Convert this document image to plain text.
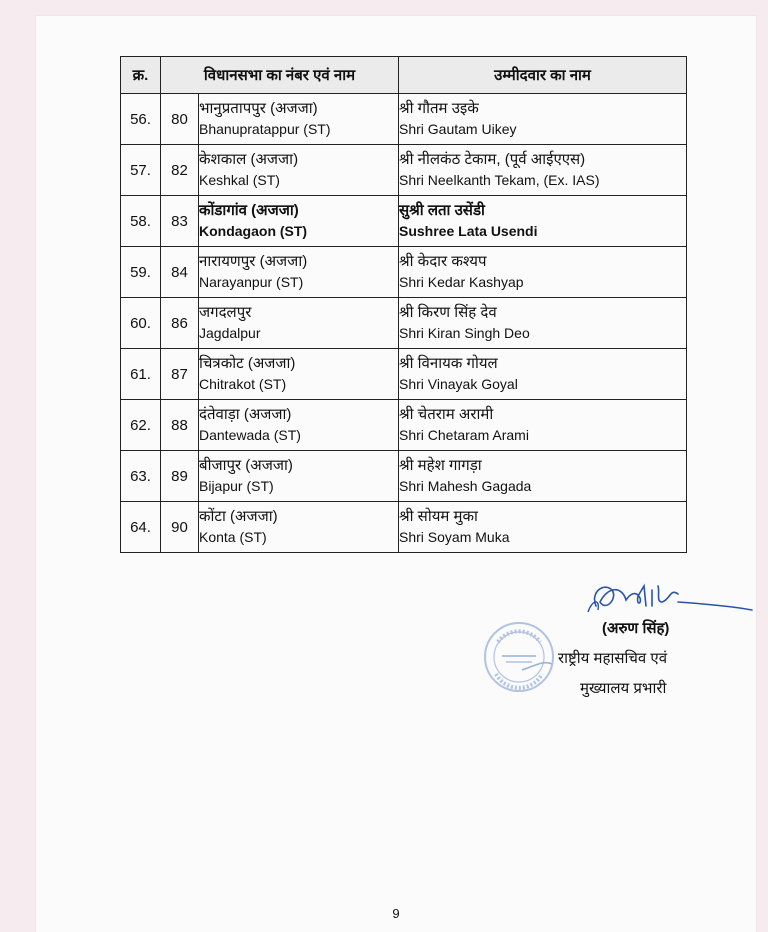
क्र.	विधानसभा का नंबर एवं नाम		उम्मीदवार का नाम
56.	80	भानुप्रतापपुर (अजजा)
Bhanupratappur (ST)	श्री गौतम उइके
Shri Gautam Uikey

57.	82	केशकाल (अजजा)
Keshkal (ST)	श्री नीलकंठ टेकाम, (पूर्व आईएएस)
Shri Neelkanth Tekam, (Ex. IAS)

58.	83	कोंडागांव (अजजा)
Kondagaon (ST)	सुश्री लता उसेंडी
Sushree Lata Usendi

59.	84	नारायणपुर (अजजा)
Narayanpur (ST)	श्री केदार कश्यप
Shri Kedar Kashyap

60.	86	जगदलपुर
Jagdalpur	श्री किरण सिंह देव
Shri Kiran Singh Deo

61.	87	चित्रकोट (अजजा)
Chitrakot (ST)	श्री विनायक गोयल
Shri Vinayak Goyal

62.	88	दंतेवाड़ा (अजजा)
Dantewada (ST)	श्री चेतराम अरामी
Shri Chetaram Arami

63.	89	बीजापुर (अजजा)
Bijapur (ST)	श्री महेश गागड़ा
Shri Mahesh Gagada

64.	90	कोंटा (अजजा)
Konta (ST)	श्री सोयम मुका
Shri Soyam Muka
(अरुण सिंह)
राष्ट्रीय महासचिव एवं
मुख्यालय प्रभारी
9
